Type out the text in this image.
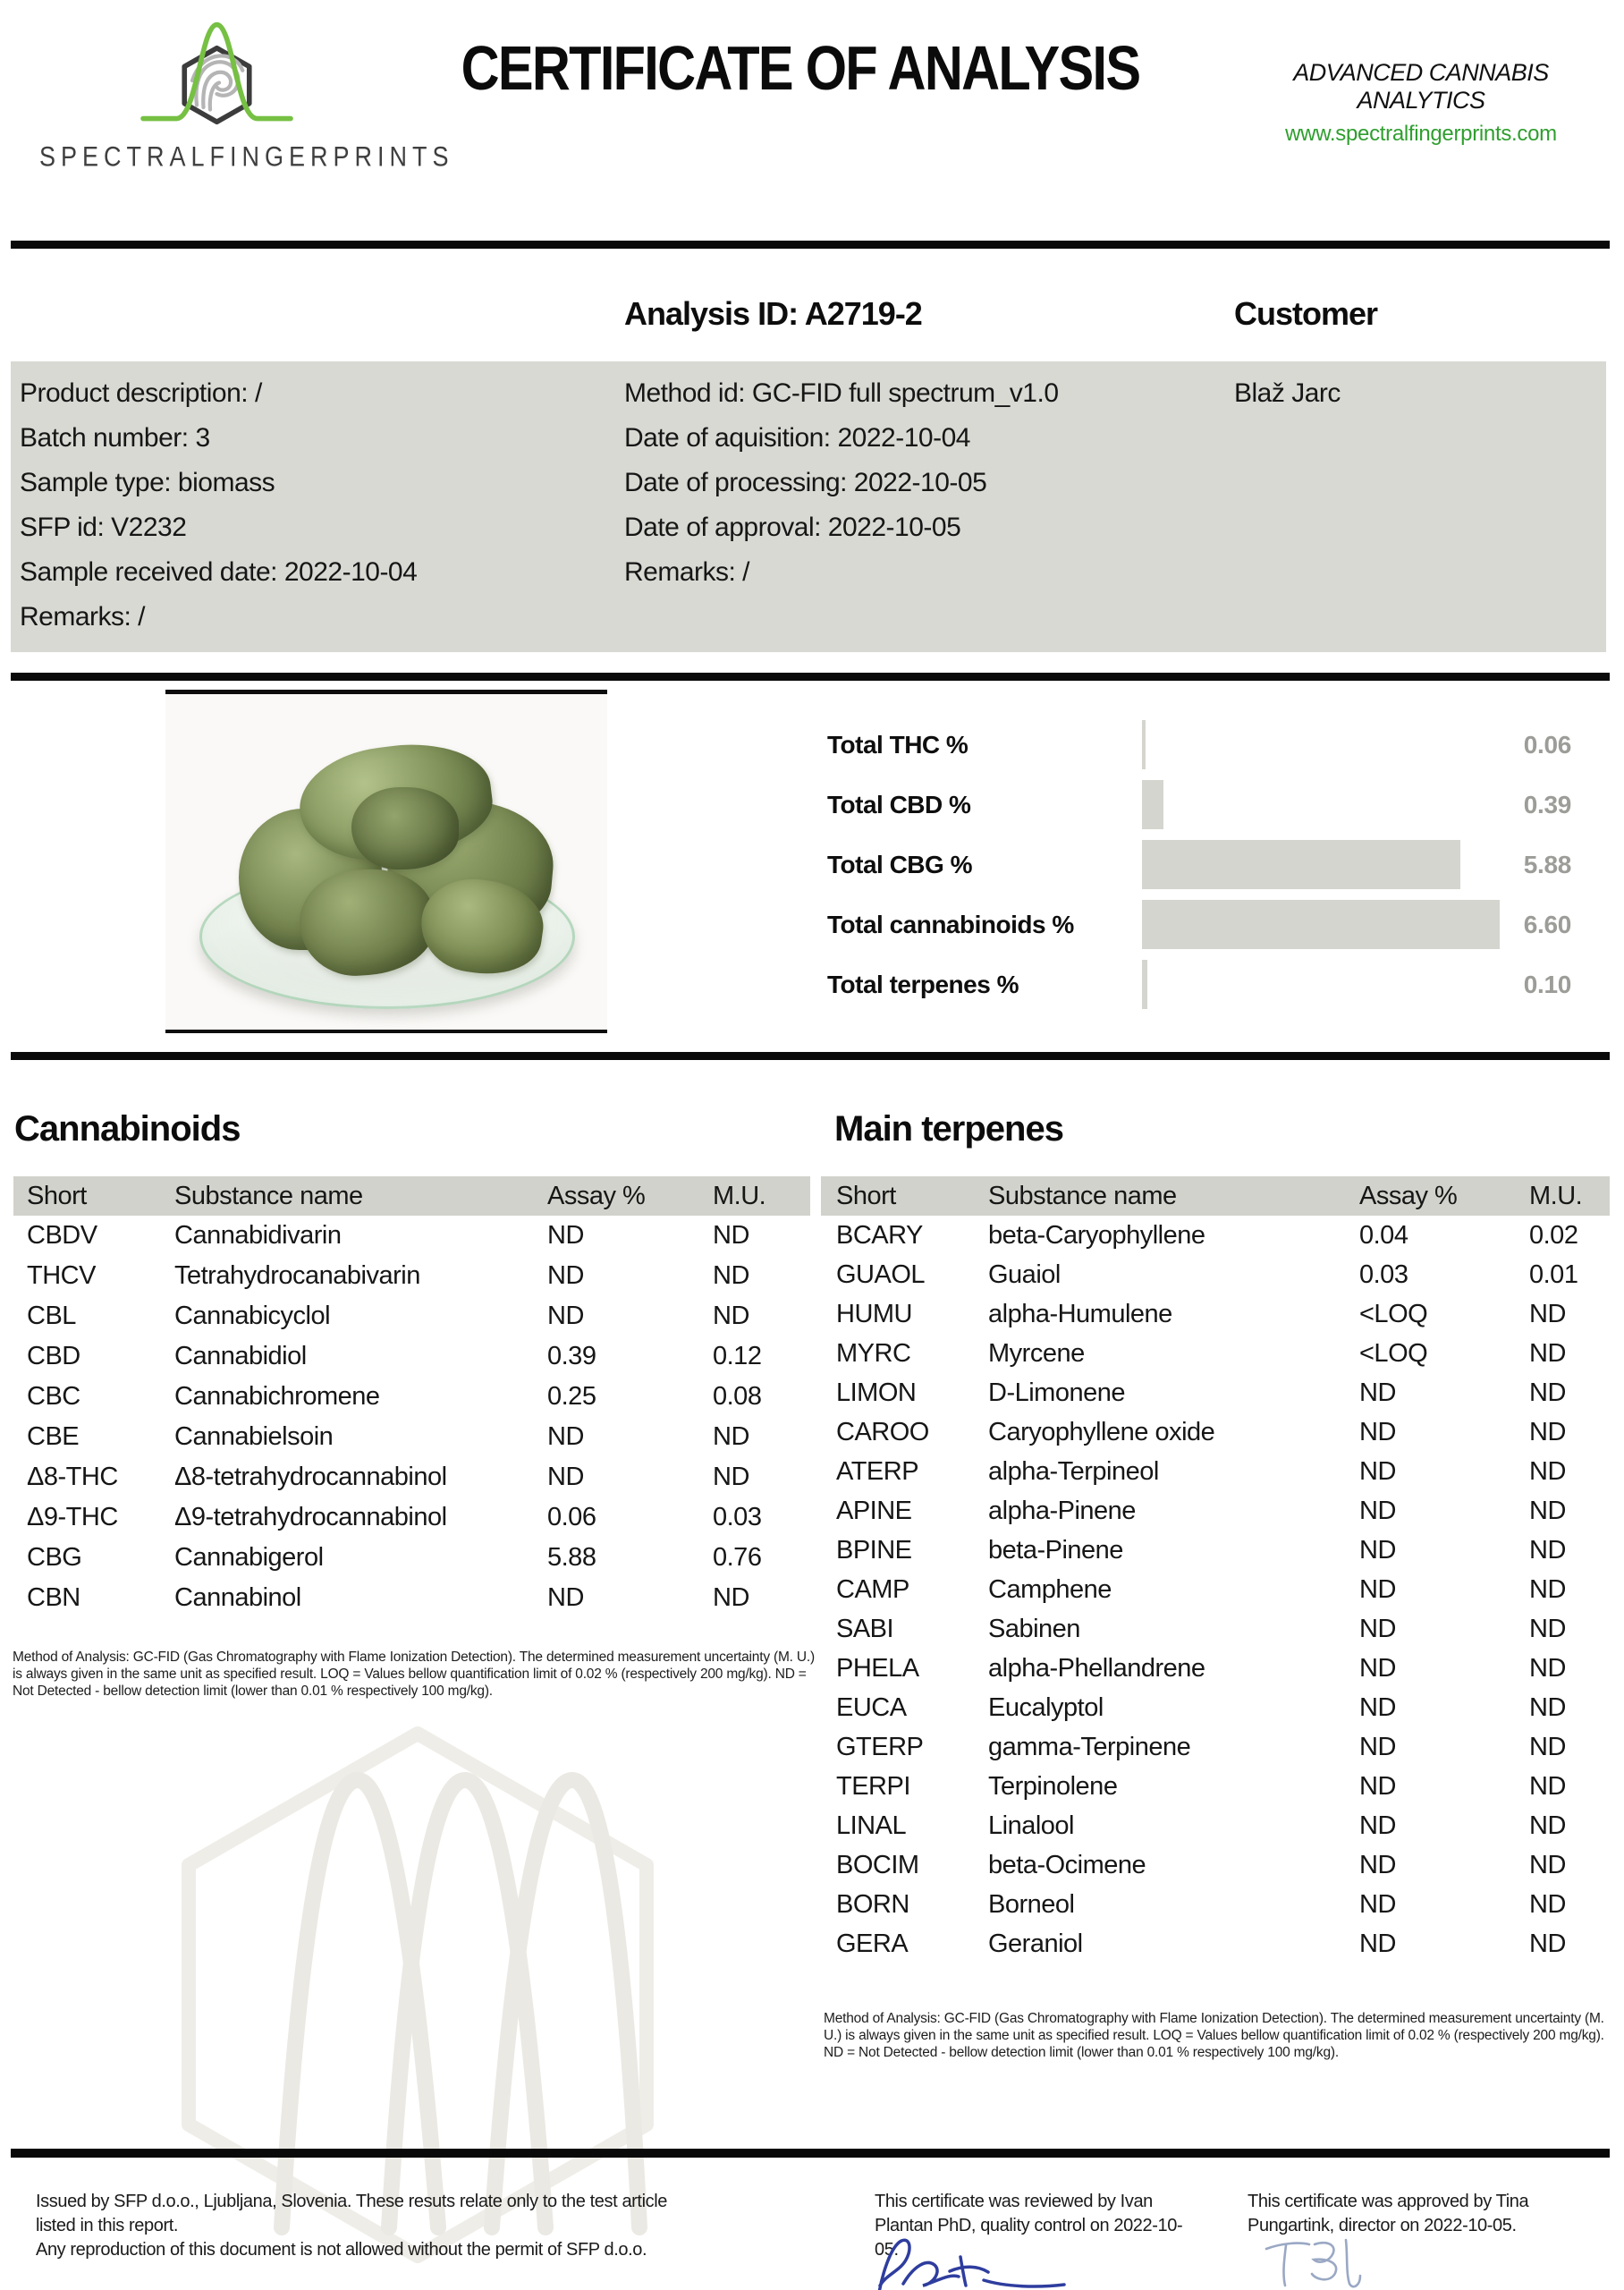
SPECTRALFINGERPRINTS
CERTIFICATE OF ANALYSIS	ADVANCED CANNABIS ANALYTICS
www.spectralfingerprints.com
Analysis ID: A2719-2	Customer
Product description: /
Batch number: 3
Sample type: biomass
SFP id: V2232
Sample received date: 2022-10-04
Remarks: /
Method id: GC-FID full spectrum_v1.0
Date of aquisition: 2022-10-04
Date of processing: 2022-10-05
Date of approval: 2022-10-05
Remarks: /
Blaž Jarc
Total THC %	0.06
Total CBD %	0.39
Total CBG %	5.88
Total cannabinoids %	6.60
Total terpenes %	0.10
Cannabinoids
Short	Substance name	Assay %	M.U.
CBDV	Cannabidivarin	ND	ND
THCV	Tetrahydrocanabivarin	ND	ND
CBL	Cannabicyclol	ND	ND
CBD	Cannabidiol	0.39	0.12
CBC	Cannabichromene	0.25	0.08
CBE	Cannabielsoin	ND	ND
Δ8-THC	Δ8-tetrahydrocannabinol	ND	ND
Δ9-THC	Δ9-tetrahydrocannabinol	0.06	0.03
CBG	Cannabigerol	5.88	0.76
CBN	Cannabinol	ND	ND
Method of Analysis: GC-FID (Gas Chromatography with Flame Ionization Detection). The determined measurement uncertainty (M. U.) is always given in the same unit as specified result. LOQ = Values bellow quantification limit of 0.02 % (respectively 200 mg/kg). ND = Not Detected - bellow detection limit (lower than 0.01 % respectively 100 mg/kg).
Main terpenes
Short	Substance name	Assay %	M.U.
BCARY	beta-Caryophyllene	0.04	0.02
GUAOL	Guaiol	0.03	0.01
HUMU	alpha-Humulene	<LOQ	ND
MYRC	Myrcene	<LOQ	ND
LIMON	D-Limonene	ND	ND
CAROO	Caryophyllene oxide	ND	ND
ATERP	alpha-Terpineol	ND	ND
APINE	alpha-Pinene	ND	ND
BPINE	beta-Pinene	ND	ND
CAMP	Camphene	ND	ND
SABI	Sabinen	ND	ND
PHELA	alpha-Phellandrene	ND	ND
EUCA	Eucalyptol	ND	ND
GTERP	gamma-Terpinene	ND	ND
TERPI	Terpinolene	ND	ND
LINAL	Linalool	ND	ND
BOCIM	beta-Ocimene	ND	ND
BORN	Borneol	ND	ND
GERA	Geraniol	ND	ND
Method of Analysis: GC-FID (Gas Chromatography with Flame Ionization Detection). The determined measurement uncertainty (M. U.) is always given in the same unit as specified result. LOQ = Values bellow quantification limit of 0.02 % (respectively 200 mg/kg). ND = Not Detected - bellow detection limit (lower than 0.01 % respectively 100 mg/kg).
Issued by SFP d.o.o., Ljubljana, Slovenia. These resuts relate only to the test article listed in this report.
Any reproduction of this document is not allowed without the permit of SFP d.o.o.
This certificate was reviewed by Ivan Plantan PhD, quality control on 2022-10-05.
This certificate was approved by Tina Pungartink, director on 2022-10-05.
